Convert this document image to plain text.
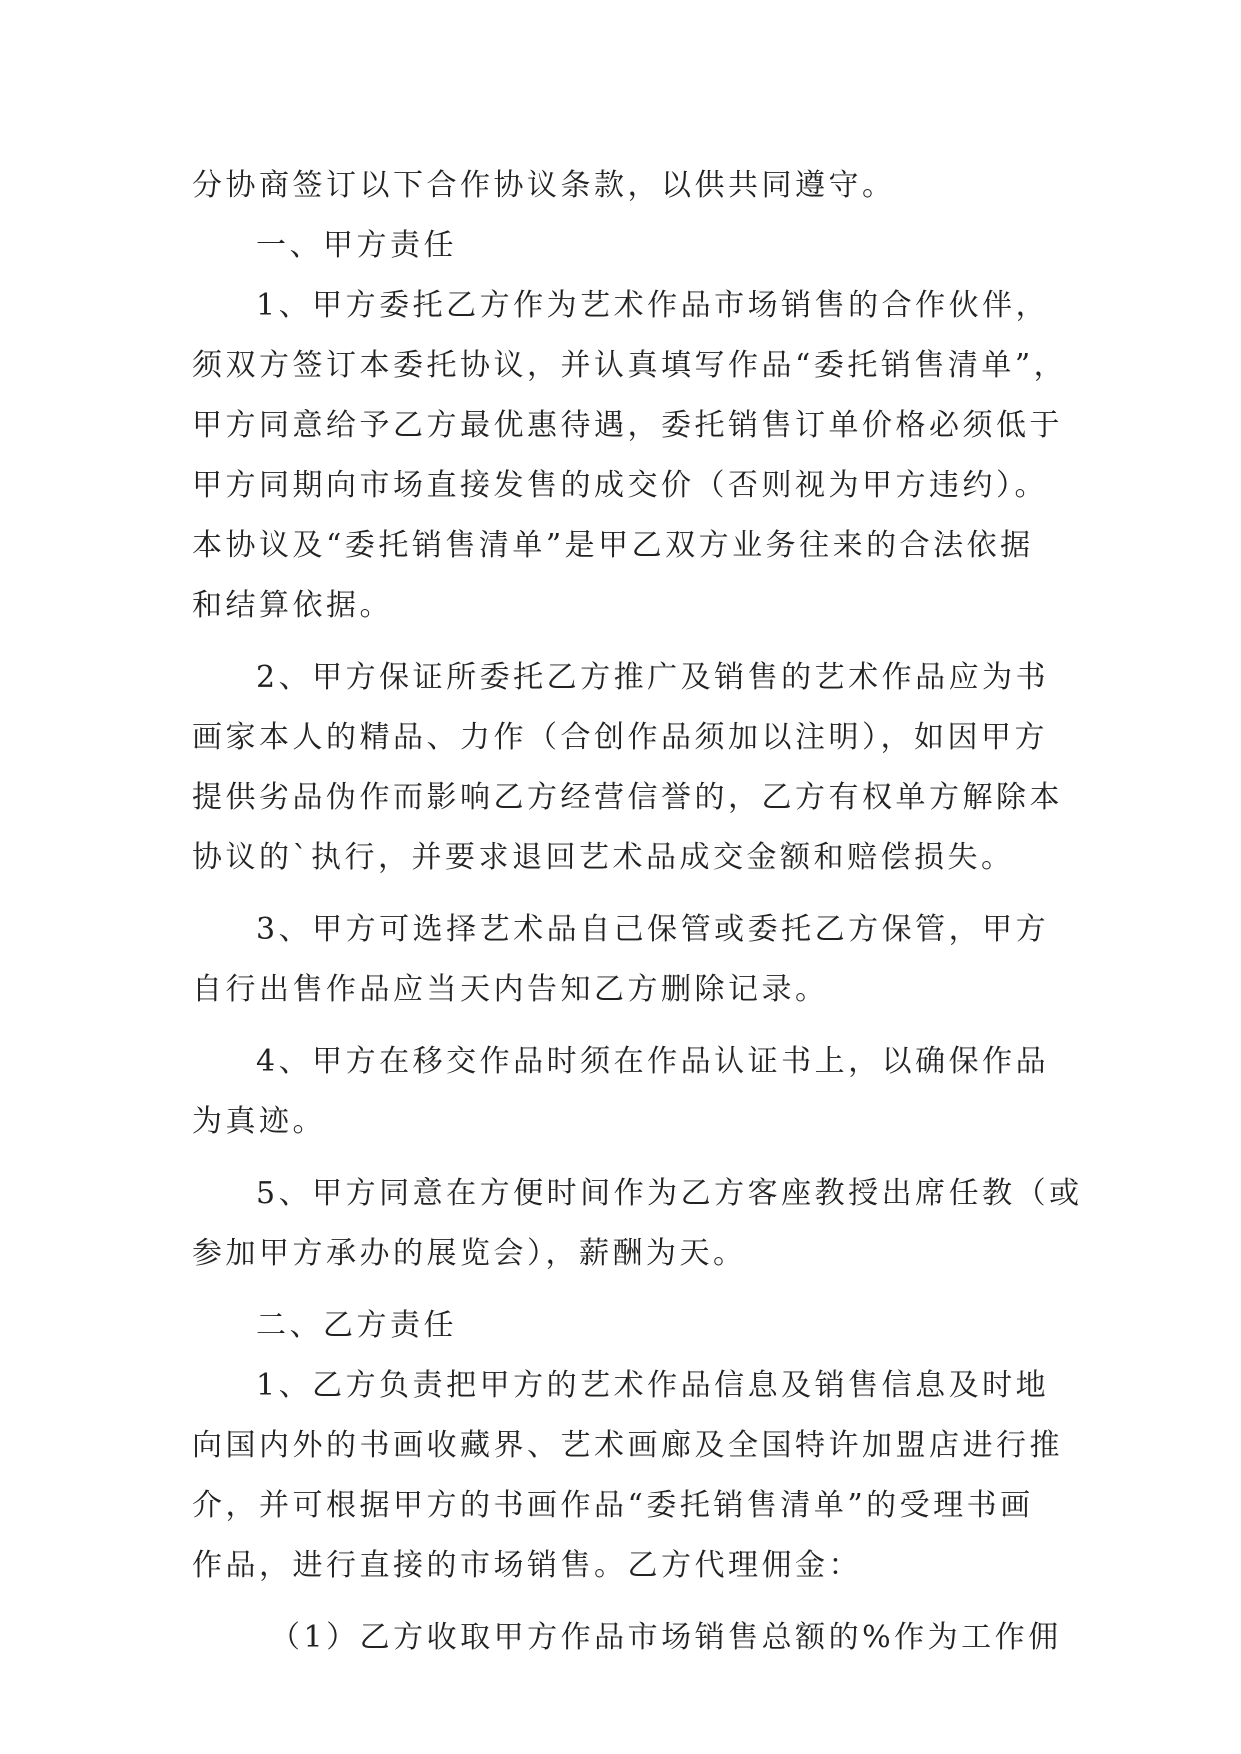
分协商签订以下合作协议条款，以供共同遵守。
一、甲方责任
1、甲方委托乙方作为艺术作品市场销售的合作伙伴，
须双方签订本委托协议，并认真填写作品“委托销售清单”，
甲方同意给予乙方最优惠待遇，委托销售订单价格必须低于
甲方同期向市场直接发售的成交价（否则视为甲方违约）。
本协议及“委托销售清单”是甲乙双方业务往来的合法依据
和结算依据。
2、甲方保证所委托乙方推广及销售的艺术作品应为书
画家本人的精品、力作（合创作品须加以注明），如因甲方
提供劣品伪作而影响乙方经营信誉的，乙方有权单方解除本
协议的`执行，并要求退回艺术品成交金额和赔偿损失。
3、甲方可选择艺术品自己保管或委托乙方保管，甲方
自行出售作品应当天内告知乙方删除记录。
4、甲方在移交作品时须在作品认证书上，以确保作品
为真迹。
5、甲方同意在方便时间作为乙方客座教授出席任教（或
参加甲方承办的展览会），薪酬为天。
二、乙方责任
1、乙方负责把甲方的艺术作品信息及销售信息及时地
向国内外的书画收藏界、艺术画廊及全国特许加盟店进行推
介，并可根据甲方的书画作品“委托销售清单”的受理书画
作品，进行直接的市场销售。乙方代理佣金：
（1）乙方收取甲方作品市场销售总额的%作为工作佣
